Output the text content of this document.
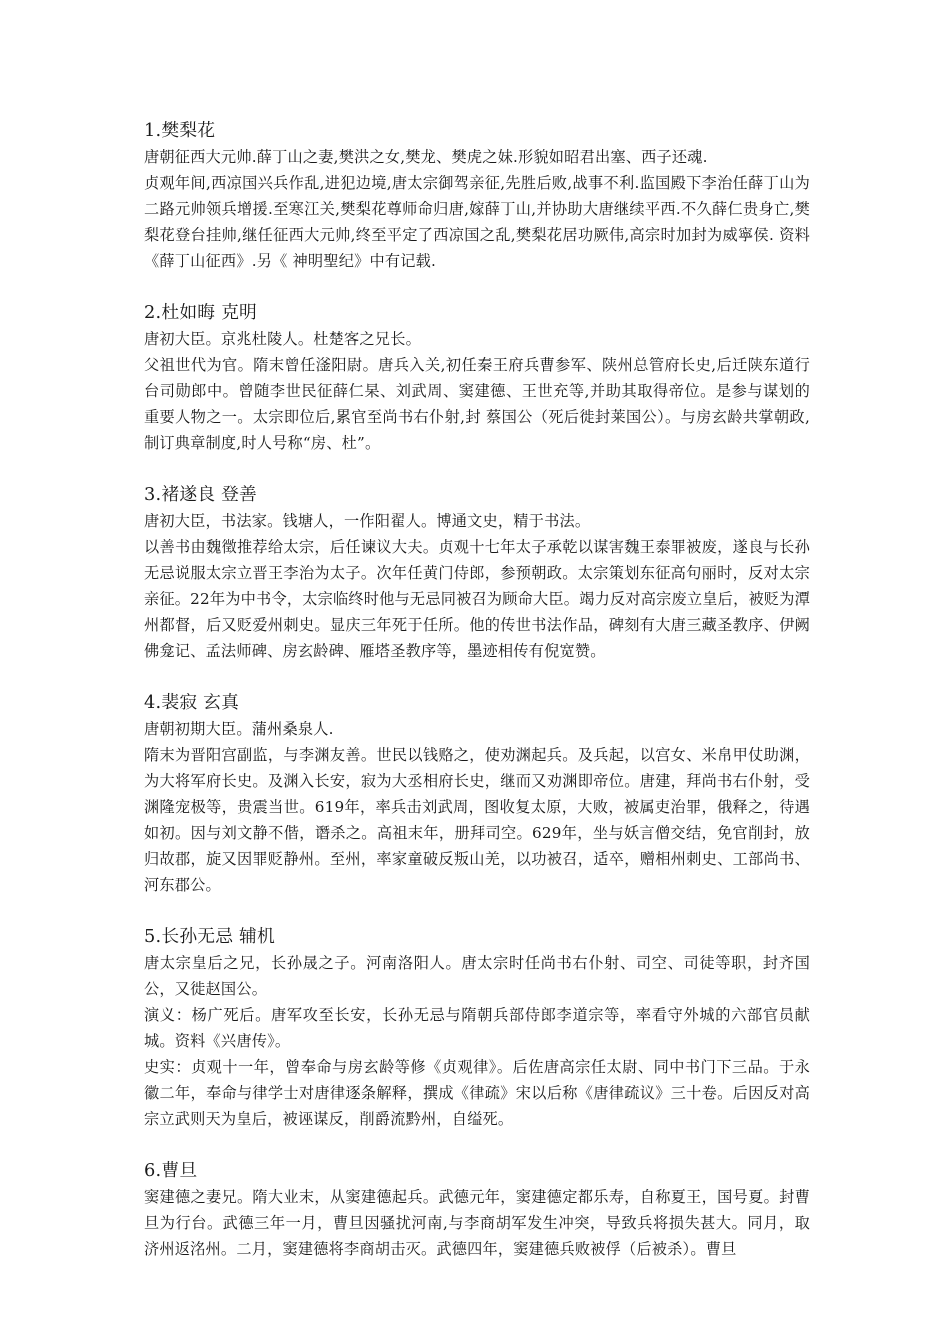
1.樊梨花

唐朝征西大元帅.薛丁山之妻,樊洪之女,樊龙、樊虎之妹.形貌如昭君出塞、西子还魂.

贞观年间,西凉国兴兵作乱,进犯边境,唐太宗御驾亲征,先胜后败,战事不利.监国殿下李治任薛丁山为二路元帅领兵增援.至寒江关,樊梨花尊师命归唐,嫁薛丁山,并协助大唐继续平西.不久薛仁贵身亡,樊梨花登台挂帅,继任征西大元帅,终至平定了西凉国之乱,樊梨花居功厥伟,高宗时加封为威寧侯. 资料《薛丁山征西》.另《 神明聖纪》中有记载.

2.杜如晦 克明

唐初大臣。京兆杜陵人。杜楚客之兄长。

父祖世代为官。隋末曾任滏阳尉。唐兵入关,初任秦王府兵曹参军、陕州总管府长史,后迁陕东道行台司勋郎中。曾随李世民征薛仁杲、刘武周、窦建德、王世充等,并助其取得帝位。是参与谋划的重要人物之一。太宗即位后,累官至尚书右仆射,封 蔡国公（死后徙封莱国公）。与房玄龄共掌朝政,制订典章制度,时人号称“房、杜”。

3.褚遂良 登善

唐初大臣，书法家。钱塘人，一作阳翟人。博通文史，精于书法。

以善书由魏徵推荐给太宗，后任谏议大夫。贞观十七年太子承乾以谋害魏王泰罪被废，遂良与长孙无忌说服太宗立晋王李治为太子。次年任黄门侍郎，参预朝政。太宗策划东征高句丽时，反对太宗亲征。22年为中书令，太宗临终时他与无忌同被召为顾命大臣。竭力反对高宗废立皇后，被贬为潭州都督，后又贬爱州刺史。显庆三年死于任所。他的传世书法作品，碑刻有大唐三藏圣教序、伊阙佛龛记、孟法师碑、房玄龄碑、雁塔圣教序等，墨迹相传有倪宽赞。

4.裴寂 玄真

唐朝初期大臣。蒲州桑泉人.

隋末为晋阳宫副监，与李渊友善。世民以钱赂之，使劝渊起兵。及兵起，以宫女、米帛甲仗助渊，为大将军府长史。及渊入长安，寂为大丞相府长史，继而又劝渊即帝位。唐建，拜尚书右仆射，受渊隆宠极等，贵震当世。619年，率兵击刘武周，图收复太原，大败，被属吏治罪，俄释之，待遇如初。因与刘文静不偕，谮杀之。高祖末年，册拜司空。629年，坐与妖言僧交结，免官削封，放归故郡，旋又因罪贬静州。至州，率家童破反叛山羌，以功被召，适卒，赠相州刺史、工部尚书、河东郡公。

5.长孙无忌 辅机

唐太宗皇后之兄，长孙晟之子。河南洛阳人。唐太宗时任尚书右仆射、司空、司徒等职，封齐国公，又徙赵国公。

演义：杨广死后。唐军攻至长安，长孙无忌与隋朝兵部侍郎李道宗等，率看守外城的六部官员献城。资料《兴唐传》。

史实：贞观十一年，曾奉命与房玄龄等修《贞观律》。后佐唐高宗任太尉、同中书门下三品。于永徽二年，奉命与律学士对唐律逐条解释，撰成《律疏》宋以后称《唐律疏议》三十卷。后因反对高宗立武则天为皇后，被诬谋反，削爵流黔州，自缢死。

6.曹旦

窦建德之妻兄。隋大业末，从窦建德起兵。武德元年，窦建德定都乐寿，自称夏王，国号夏。封曹旦为行台。武德三年一月，曹旦因骚扰河南,与李商胡军发生冲突，导致兵将损失甚大。同月，取济州返洺州。二月，窦建德将李商胡击灭。武德四年，窦建德兵败被俘（后被杀）。曹旦
